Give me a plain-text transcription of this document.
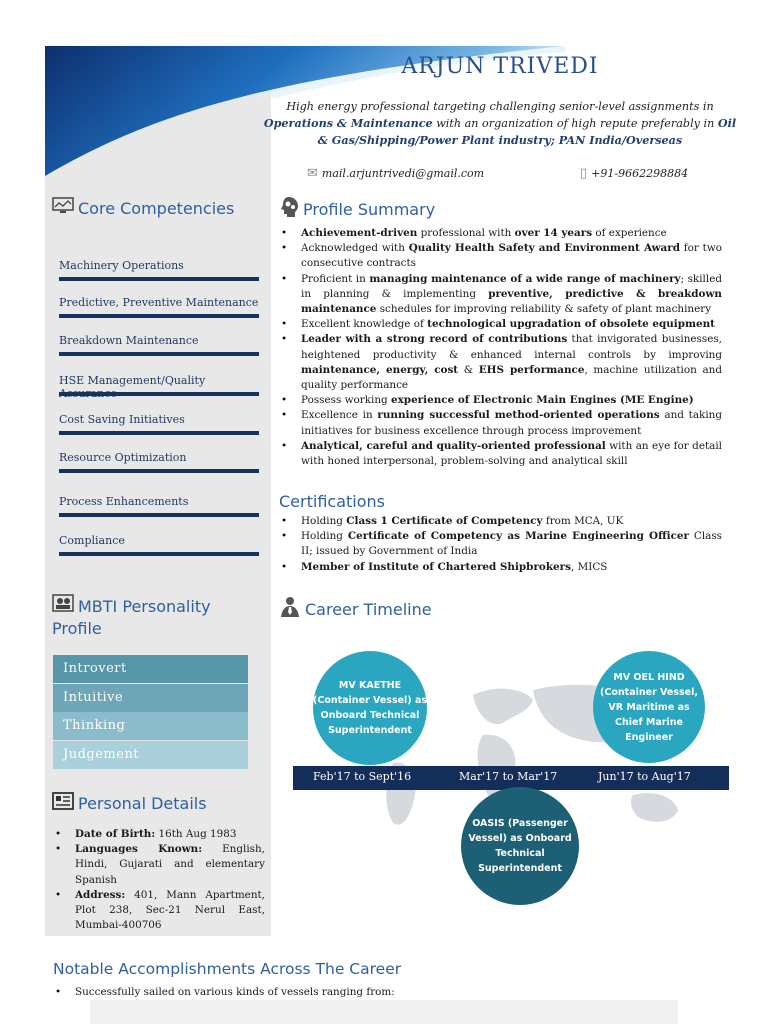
ARJUN TRIVEDI
High energy professional targeting challenging senior-level assignments in Operations & Maintenance with an organization of high repute preferably in Oil & Gas/Shipping/Power Plant industry; PAN India/Overseas
✉ mail.arjuntrivedi@gmail.com	▯ +91-9662298884
Core Competencies
Machinery Operations
Predictive, Preventive Maintenance
Breakdown Maintenance
HSE Management/Quality
Cost Saving Initiatives
Resource Optimization
Process Enhancements
Compliance
MBTI Personality
Profile
Introvert
Intuitive
Thinking
Judgement
Personal Details
• Date of Birth: 16th Aug 1983
• Languages Known: English, Hindi, Gujarati and elementary Spanish
• Address: 401, Mann Apartment, Plot 238, Sec-21 Nerul East, Mumbai-400706
Profile Summary
• Achievement-driven professional with over 14 years of experience
• Acknowledged with Quality Health Safety and Environment Award for two consecutive contracts
• Proficient in managing maintenance of a wide range of machinery; skilled in planning & implementing preventive, predictive & breakdown maintenance schedules for improving reliability & safety of plant machinery
• Excellent knowledge of technological upgradation of obsolete equipment
• Leader with a strong record of contributions that invigorated businesses, heightened productivity & enhanced internal controls by improving maintenance, energy, cost & EHS performance, machine utilization and quality performance
• Possess working experience of Electronic Main Engines (ME Engine)
• Excellence in running successful method-oriented operations and taking initiatives for business excellence through process improvement
• Analytical, careful and quality-oriented professional with an eye for detail with honed interpersonal, problem-solving and analytical skill
Certifications
• Holding Class 1 Certificate of Competency from MCA, UK
• Holding Certificate of Competency as Marine Engineering Officer Class II; issued by Government of India
• Member of Institute of Chartered Shipbrokers, MICS
Career Timeline
MV KAETHE (Container Vessel) as Onboard Technical Superintendent
MV OEL HIND (Container Vessel, VR Maritime as Chief Marine Engineer
OASIS (Passenger Vessel) as Onboard Technical Superintendent
Feb'17 to Sept'16	Mar'17 to Mar'17	Jun'17 to Aug'17
Notable Accomplishments Across The Career
• Successfully sailed on various kinds of vessels ranging from:
